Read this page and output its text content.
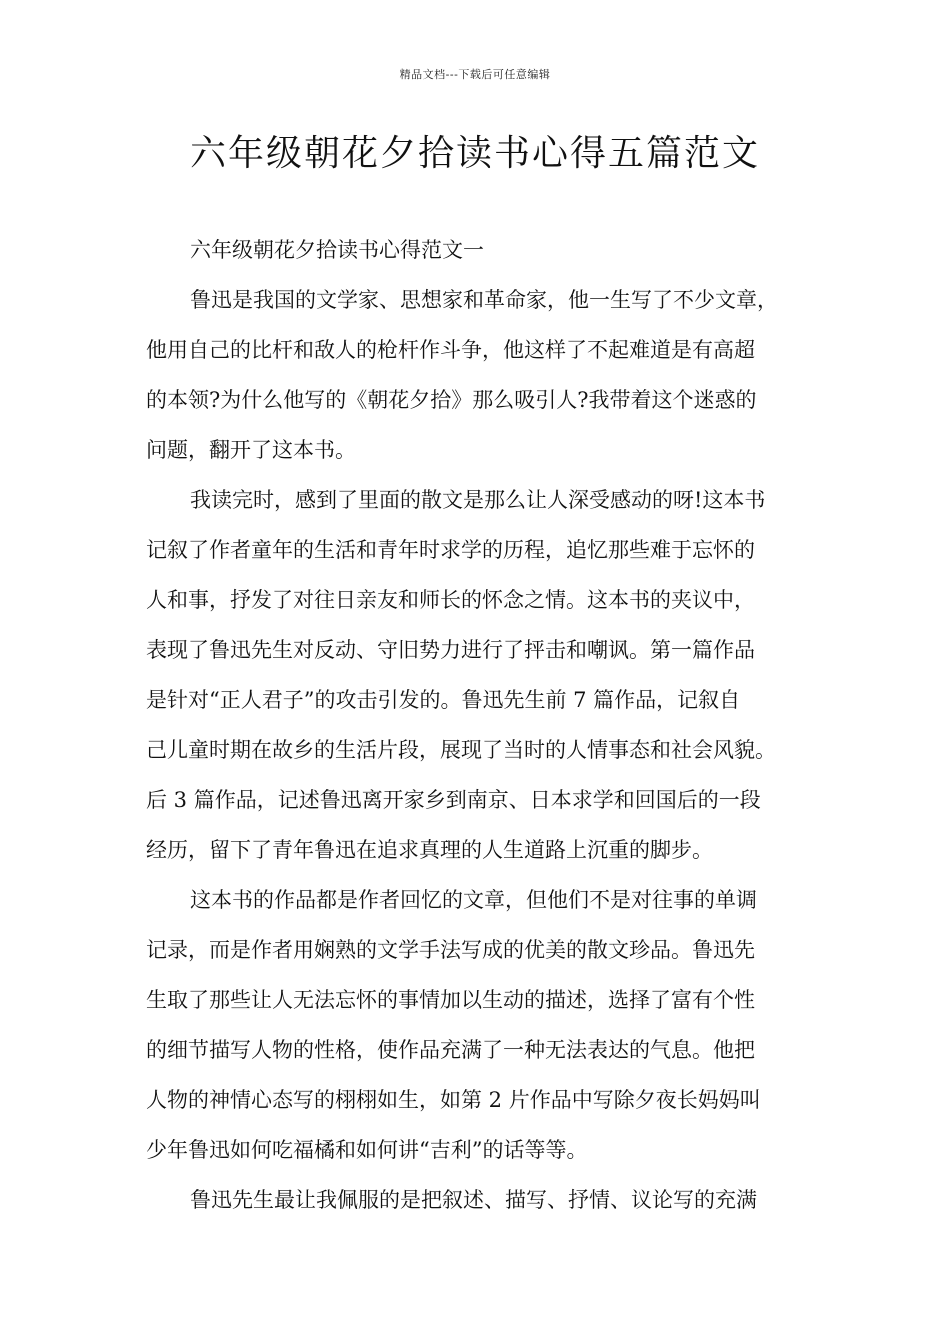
精品文档---下载后可任意编辑
六年级朝花夕拾读书心得五篇范文
六年级朝花夕拾读书心得范文一
鲁迅是我国的文学家、思想家和革命家，他一生写了不少文章，
他用自己的比杆和敌人的枪杆作斗争，他这样了不起难道是有高超
的本领?为什么他写的《朝花夕拾》那么吸引人?我带着这个迷惑的
问题，翻开了这本书。
我读完时，感到了里面的散文是那么让人深受感动的呀!这本书
记叙了作者童年的生活和青年时求学的历程，追忆那些难于忘怀的
人和事，抒发了对往日亲友和师长的怀念之情。这本书的夹议中，
表现了鲁迅先生对反动、守旧势力进行了抨击和嘲讽。第一篇作品
是针对“正人君子”的攻击引发的。鲁迅先生前 7 篇作品，记叙自
己儿童时期在故乡的生活片段，展现了当时的人情事态和社会风貌。
后 3 篇作品，记述鲁迅离开家乡到南京、日本求学和回国后的一段
经历，留下了青年鲁迅在追求真理的人生道路上沉重的脚步。
这本书的作品都是作者回忆的文章，但他们不是对往事的单调
记录，而是作者用娴熟的文学手法写成的优美的散文珍品。鲁迅先
生取了那些让人无法忘怀的事情加以生动的描述，选择了富有个性
的细节描写人物的性格，使作品充满了一种无法表达的气息。他把
人物的神情心态写的栩栩如生，如第 2 片作品中写除夕夜长妈妈叫
少年鲁迅如何吃福橘和如何讲“吉利”的话等等。
鲁迅先生最让我佩服的是把叙述、描写、抒情、议论写的充满
